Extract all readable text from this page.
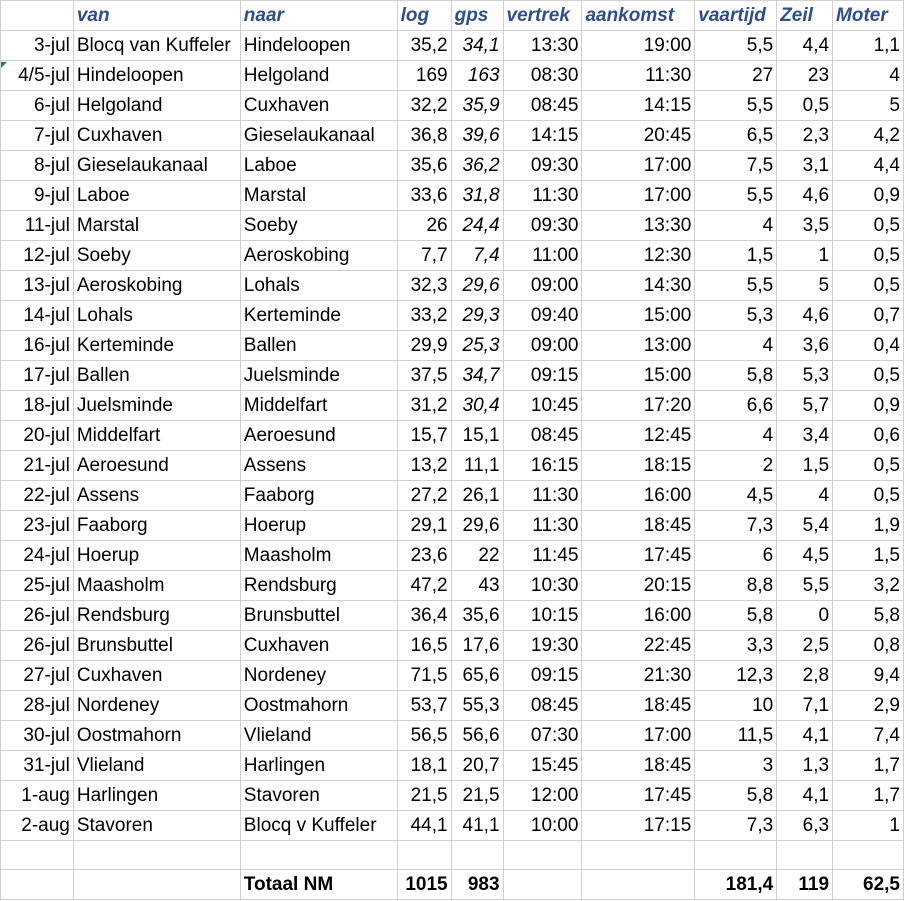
	van	naar	log	gps	vertrek	aankomst	vaartijd	Zeil	Moter
3-jul	Blocq van Kuffeler	Hindeloopen	35,2	34,1	13:30	19:00	5,5	4,4	1,1
4/5-jul	Hindeloopen	Helgoland	169	163	08:30	11:30	27	23	4
6-jul	Helgoland	Cuxhaven	32,2	35,9	08:45	14:15	5,5	0,5	5
7-jul	Cuxhaven	Gieselaukanaal	36,8	39,6	14:15	20:45	6,5	2,3	4,2
8-jul	Gieselaukanaal	Laboe	35,6	36,2	09:30	17:00	7,5	3,1	4,4
9-jul	Laboe	Marstal	33,6	31,8	11:30	17:00	5,5	4,6	0,9
11-jul	Marstal	Soeby	26	24,4	09:30	13:30	4	3,5	0,5
12-jul	Soeby	Aeroskobing	7,7	7,4	11:00	12:30	1,5	1	0,5
13-jul	Aeroskobing	Lohals	32,3	29,6	09:00	14:30	5,5	5	0,5
14-jul	Lohals	Kerteminde	33,2	29,3	09:40	15:00	5,3	4,6	0,7
16-jul	Kerteminde	Ballen	29,9	25,3	09:00	13:00	4	3,6	0,4
17-jul	Ballen	Juelsminde	37,5	34,7	09:15	15:00	5,8	5,3	0,5
18-jul	Juelsminde	Middelfart	31,2	30,4	10:45	17:20	6,6	5,7	0,9
20-jul	Middelfart	Aeroesund	15,7	15,1	08:45	12:45	4	3,4	0,6
21-jul	Aeroesund	Assens	13,2	11,1	16:15	18:15	2	1,5	0,5
22-jul	Assens	Faaborg	27,2	26,1	11:30	16:00	4,5	4	0,5
23-jul	Faaborg	Hoerup	29,1	29,6	11:30	18:45	7,3	5,4	1,9
24-jul	Hoerup	Maasholm	23,6	22	11:45	17:45	6	4,5	1,5
25-jul	Maasholm	Rendsburg	47,2	43	10:30	20:15	8,8	5,5	3,2
26-jul	Rendsburg	Brunsbuttel	36,4	35,6	10:15	16:00	5,8	0	5,8
26-jul	Brunsbuttel	Cuxhaven	16,5	17,6	19:30	22:45	3,3	2,5	0,8
27-jul	Cuxhaven	Nordeney	71,5	65,6	09:15	21:30	12,3	2,8	9,4
28-jul	Nordeney	Oostmahorn	53,7	55,3	08:45	18:45	10	7,1	2,9
30-jul	Oostmahorn	Vlieland	56,5	56,6	07:30	17:00	11,5	4,1	7,4
31-jul	Vlieland	Harlingen	18,1	20,7	15:45	18:45	3	1,3	1,7
1-aug	Harlingen	Stavoren	21,5	21,5	12:00	17:45	5,8	4,1	1,7
2-aug	Stavoren	Blocq v Kuffeler	44,1	41,1	10:00	17:15	7,3	6,3	1

		Totaal NM	1015	983			181,4	119	62,5
